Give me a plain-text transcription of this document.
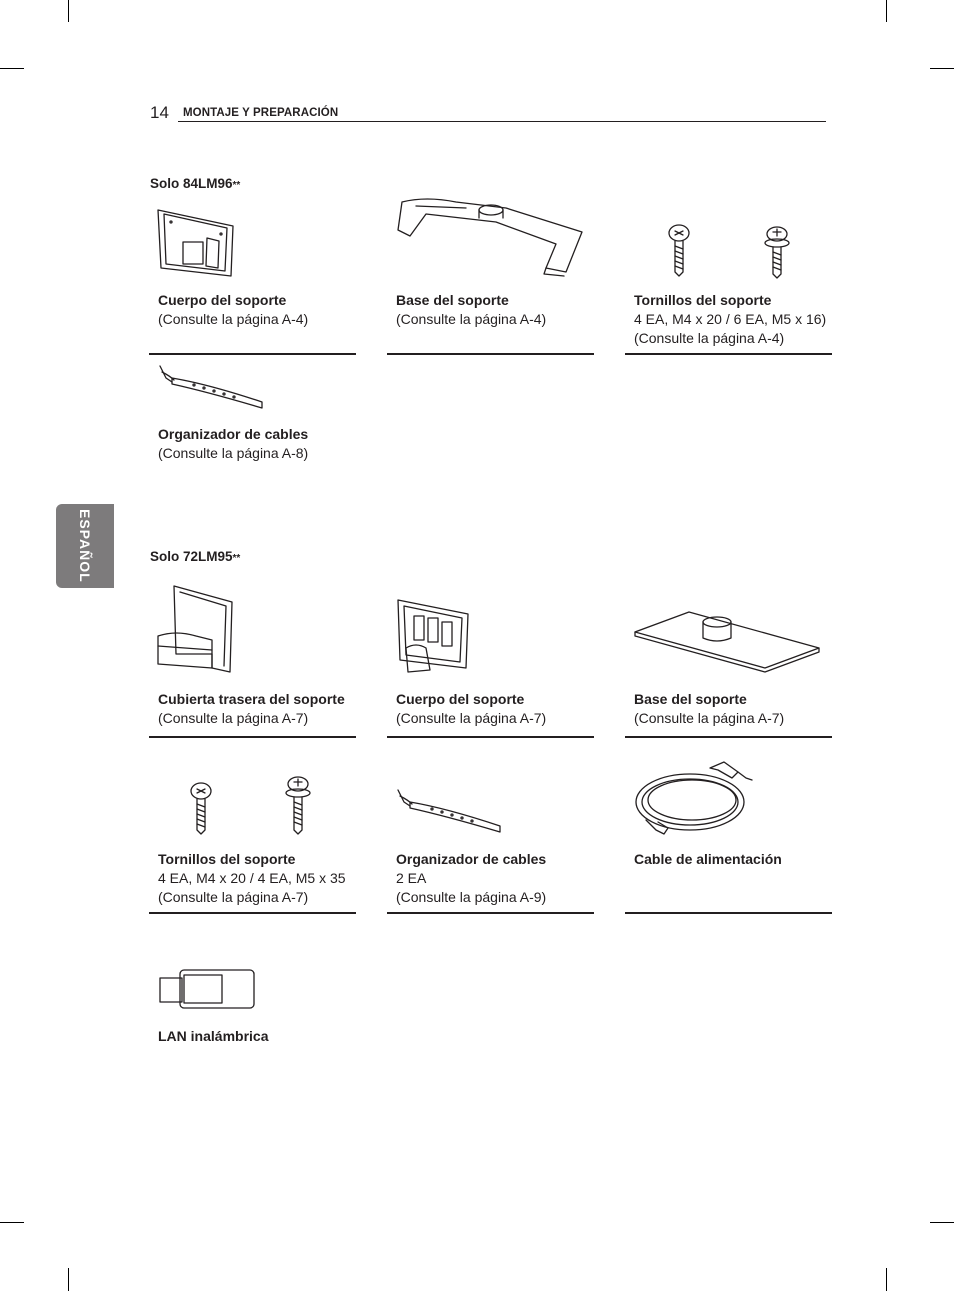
14 MONTAJE Y PREPARACIÓN
ESPAÑOL
Solo 84LM96**
Cuerpo del soporte
(Consulte la página A-4)
Base del soporte
(Consulte la página A-4)
Tornillos del soporte
4 EA, M4 x 20 / 6 EA, M5 x 16)
(Consulte la página A-4)
Organizador de cables
(Consulte la página A-8)
Solo 72LM95**
Cubierta trasera del soporte
(Consulte la página A-7)
Cuerpo del soporte
(Consulte la página A-7)
Base del soporte
(Consulte la página A-7)
Tornillos del soporte
4 EA, M4 x 20 / 4 EA, M5 x 35
(Consulte la página A-7)
Organizador de cables
2 EA
(Consulte la página A-9)
Cable de alimentación
LAN inalámbrica
